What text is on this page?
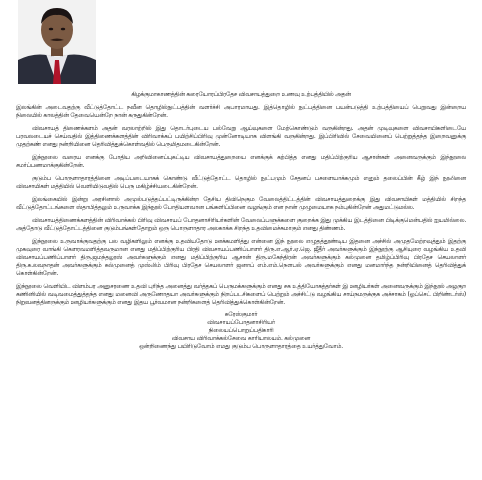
கிழக்குமாகாணத்தின் கரையோரப்பிரதேச விவசாயத்துறை உணவு உற்பத்தியில் அதன்

இலங்கின் அடைவதற்கு வீட்டுத்தோட்ட நவீன தொழில்நுட்பத்தின் வளர்ச்சி அபாரமாயது. இத்தொழில் நுட்பத்தினை பயன்படுத்தி உற்பத்தியைப் பெறுவது இன்றைய நிலையில் காலத்தின் தேவையென்றே நான் கருதுகின்றேன்.

விவசாயத் திணைக்களம் அதன் வரலாற்றில் இது தொடர்புடைய பல்வேறு ஆய்வுகளை மேற்கொண்டும் வருகின்றது. அதன் முடிவுகளை விவசாயிகளிடையே பரவலடையச் செய்வதில் இத்திணைக்களத்தின் விரிவாக்கப் பயிற்சிப்பிரிவு முன்னோடியாக விளங்கி வருகின்றது. இப்பிரிவில் சேவையினைப் பெற்றுத்தந்த இறைவனுக்கு முதற்கண் எனது நன்றியினை தெரிவித்துக்கொள்வதில் பெருமிதமடைகின்றேன்.

இந்நூலை வரைய எனக்கு போதிய அறிவினைப்புகட்டிய விவசாயத்துறையை எனக்குக் கற்பித்த எனது மதிப்பிற்குரிய ஆசான்கள் அனைவருக்கும் இந்நூலை சமர்ப்பணமாக்குகின்றேன்.

குடும்ப பொருளாதாரத்தினை அடிப்படையாகக் கொண்டு வீட்டுத்தோட்ட தொழில் நுட்பமும் சேதனப் பசளையாக்கமும் எனும் தலைப்பின் கீழ் இந் நூலினை விவசாயிகள் மத்தியில் வெளியிடுவதில் பெரு மகிழ்ச்சியடைகின்றேன்.

இலங்கையில் இன்று அரசினால் அமுல்படுத்தப்பட்டிருக்கின்ற தேசிய திவிநெகும வேலைத்திட்டத்தின் விவசாயத்துறைக்கு இது விவசாயிகள் மத்தியில் சிறந்த வீட்டுத்தோட்டங்களை ஸ்தாபித்தலும் உருவாக்க இந்நூல் போதியளவான பங்களிப்பினை வழங்கும் என நான் முழுமையாக நம்புகின்றேன் அதுமட்டுமல்ல.

விவசாயத்திணைக்களத்தின் விரிவாக்கல் பிரிவு விவசாயப் போதனாசிரியர்களின் வேலைப்பளுக்களை குறைக்க இது முக்கிய இடத்தினை பிடிக்குமென்பதில் ஐயமில்லை. அத்தோடு வீட்டுத்தோட்டத்தினை குடும்பங்கள்தோறும் ஒரு பொருளாதார அலகாக்க சிறந்த உதவிமைச்சுமாகும் எனது திண்ணம்.

இந்நூலை உருவாக்குவதற்கு பல வழிகளிலும் எனக்கு உதவியதோடு ஊக்கமளித்து என்னை இந் நூலை எழுதத்தூண்டிய இதனை அச்சில் அமுதமேற்றவுத்தும் இதற்கு முகவுரை வாங்கி கௌரவமளித்தவருமான எனது மதிப்பிற்குரிய பிரதி விவசாயப்பணிப்பாளர் திரு.எ.ஆர்.ஏ.ஜெ. ஜீதீர் அவர்களுக்கும் இந்நூற்கு ஆசியுரை வழங்கிய உதவி விவசாயப்பணிப்பாளர் திரு.ஜமந்தலூஸ் அவர்களுக்கும் எனது மதிப்பிற்குரிய ஆசான் திரு.மகேந்திரன் அவர்களுக்கும் கல்முனை தமிழ்ப்பிரிவு பிரதேச செயலாளர் திரு.க.லவநாதன் அவர்களுக்கும் கல்முனைத் முஸ்லிம் பிரிவு பிரதேச செயலாளர் ஜனாப் எம்.எம்.நௌபல் அவர்களுக்கும் எனது மனமார்ந்த நன்றியினைத் தெரிவித்துக் கொள்கின்றேன்.

இந்நூலை வெளியிட விளம்பர அனுசரணை உதவி புரிந்த அனைத்து வர்த்தகப் பெருமக்களுக்கும் எனது சக உத்தியோகத்தர்கள் இ ஊழியர்கள் அனைவருக்கும் இந்நூல் அழகுற கணினியில் வடிவமைத்துத்தந்த எனது மனைவி அருணோதயா அவர்களுக்கும் நிறப்படசிகளைப் பெற்றும் அச்சிட்டு வழங்கிய சாய்நமருக்குக அச்சாகம் (ஓப்செட் பிறிண்டர்ஸ்) நிறுவனத்தினருக்கும் ஊழியர்களுக்கும் எனது இதய பூர்வமான நன்றிகளைத் தெரிவித்துக்கொள்கின்றேன்.

சுரேஸ்குமார்

விவசாயப்போதனாசிரியர்

நிலையப்பொறுப்பதிகாரி

விவசாய விரிவாக்கல்சேவை காரியாலயம். கல்முனை

ஒன்றிணைந்து பயிரிடுவோம் எமது குடும்ப பொருளாதாரத்தை உயர்த்துவோம்.
